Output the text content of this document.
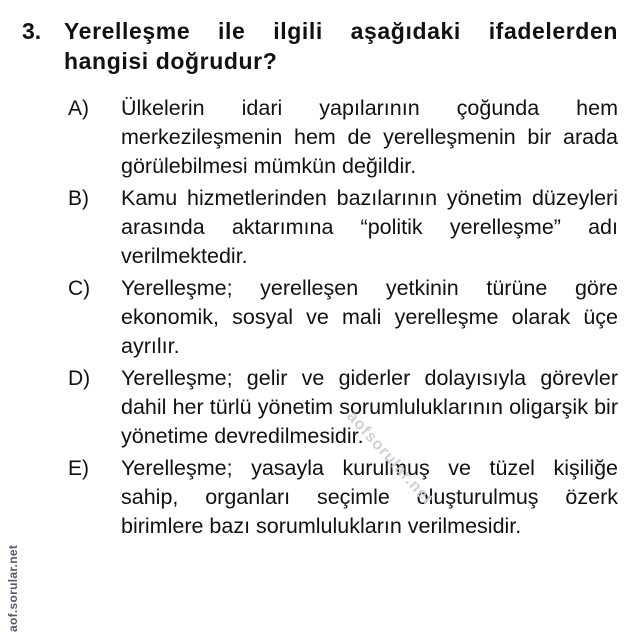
3. Yerelleşme ile ilgili aşağıdaki ifadelerden hangisi doğrudur?
A)	Ülkelerin idari yapılarının çoğunda hem merkezileşmenin hem de yerelleşmenin bir arada görülebilmesi mümkün değildir.
B)	Kamu hizmetlerinden bazılarının yönetim düzeyleri arasında aktarımına “politik yerelleşme” adı verilmektedir.
C)	Yerelleşme; yerelleşen yetkinin türüne göre ekonomik, sosyal ve mali yerelleşme olarak üçe ayrılır.
D)	Yerelleşme; gelir ve giderler dolayısıyla görevler dahil her türlü yönetim sorumluluklarının oligarşik bir yönetime devredilmesidir.
E)	Yerelleşme; yasayla kurulmuş ve tüzel kişiliğe sahip, organları seçimle oluşturulmuş özerk birimlere bazı sorumlulukların verilmesidir.
aofsorular.net
aof.sorular.net
